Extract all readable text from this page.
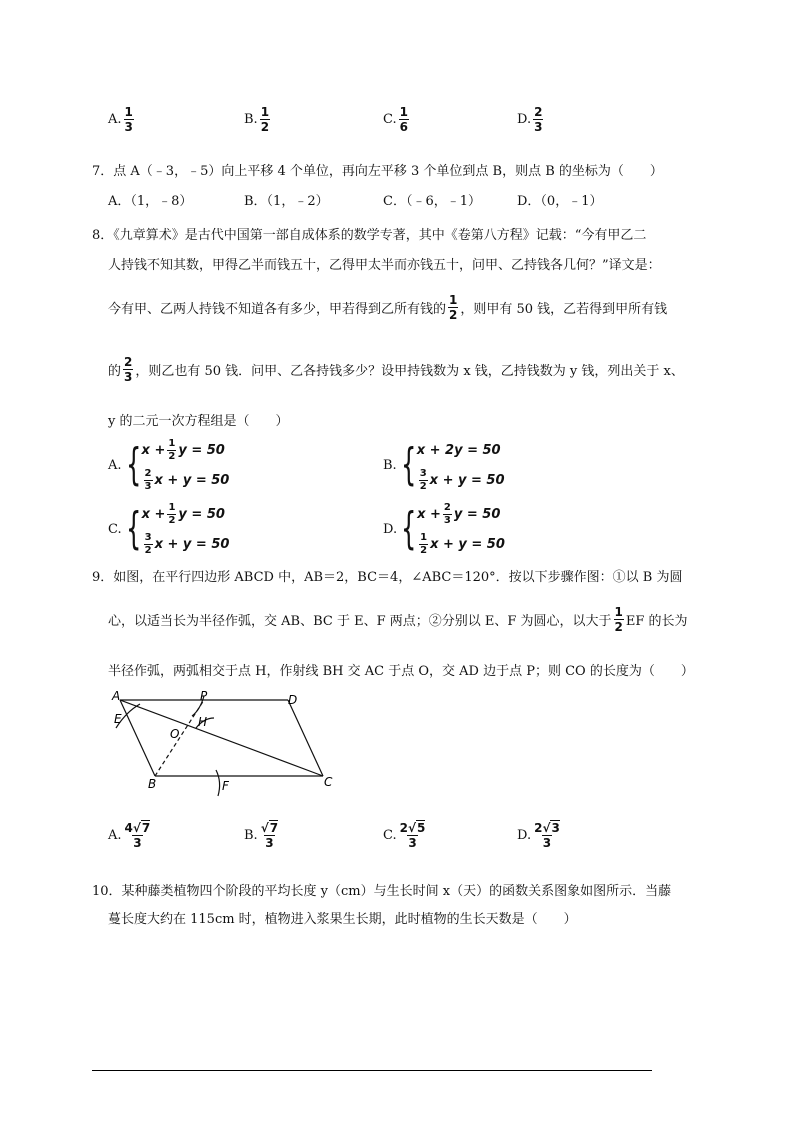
A. $\frac{1}{3}$	B. $\frac{1}{2}$	C. $\frac{1}{6}$	D. $\frac{2}{3}$
7．点 A（﹣3，﹣5）向上平移 4 个单位，再向左平移 3 个单位到点 B，则点 B 的坐标为（　　）
A．（1，﹣8）	B．（1，﹣2）	C．（﹣6，﹣1）	D．（0，﹣1）
8．《九章算术》是古代中国第一部自成体系的数学专著，其中《卷第八方程》记载：“今有甲乙二
人持钱不知其数，甲得乙半而钱五十，乙得甲太半而亦钱五十，问甲、乙持钱各几何？”译文是：
今有甲、乙两人持钱不知道各有多少，甲若得到乙所有钱的 $\frac{1}{2}$ ，则甲有 50 钱，乙若得到甲所有钱
的 $\frac{2}{3}$ ，则乙也有 50 钱．问甲、乙各持钱多少？设甲持钱数为 x 钱，乙持钱数为 y 钱，列出关于 x、
y 的二元一次方程组是（　　）
A. { $x + \frac{1}{2}$ y = 50
$\frac{2}{3}$ x + y = 50
B. { x + 2y = 50
$\frac{3}{2}$ x + y = 50
C. { $x + \frac{1}{2}$ y = 50
$\frac{3}{2}$ x + y = 50
D. { $x + \frac{2}{3}$ y = 50
$\frac{1}{2}$ x + y = 50
9．如图，在平行四边形 ABCD 中，AB＝2，BC＝4，∠ABC＝120°．按以下步骤作图：①以 B 为圆
心，以适当长为半径作弧，交 AB、BC 于 E、F 两点；②分别以 E、F 为圆心，以大于 $\frac{1}{2}$ EF 的长为
半径作弧，两弧相交于点 H，作射线 BH 交 AC 于点 O，交 AD 边于点 P；则 CO 的长度为（　　）
A	P	D
E	H
O
B	F	C
A. $\frac{4√7}{3}$	B. $\frac{√7}{3}$	C. $\frac{2√5}{3}$	D. $\frac{2√3}{3}$
10．某种藤类植物四个阶段的平均长度 y（cm）与生长时间 x（天）的函数关系图象如图所示．当藤
蔓长度大约在 115cm 时，植物进入浆果生长期，此时植物的生长天数是（　　）
